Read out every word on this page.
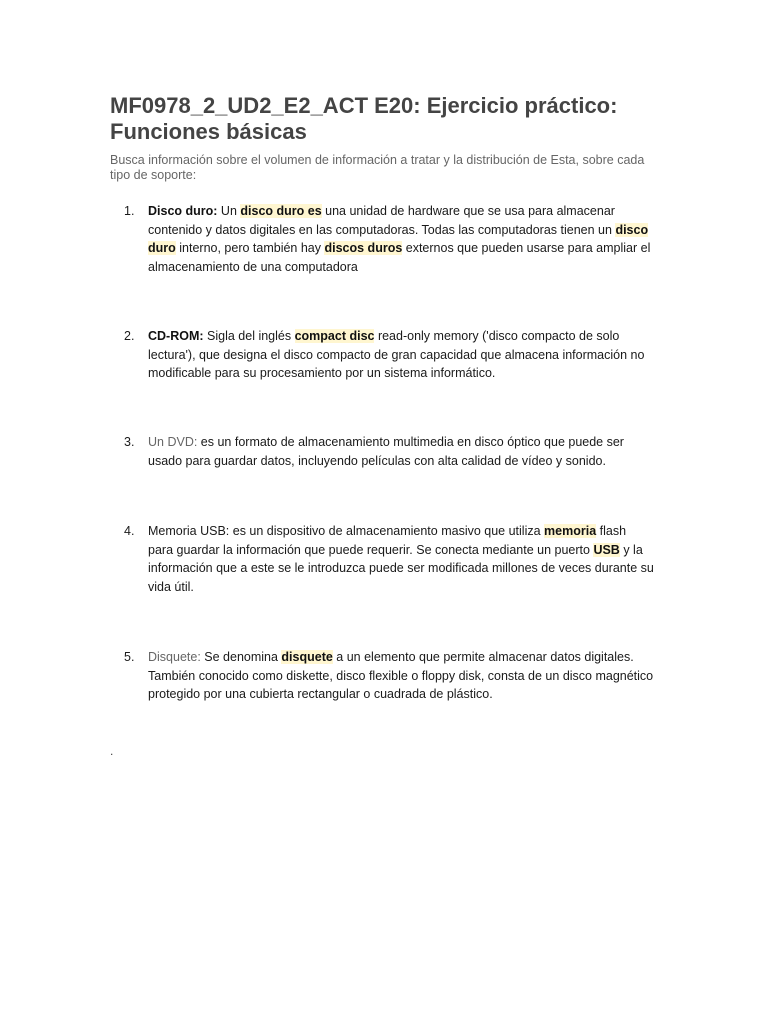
MF0978_2_UD2_E2_ACT E20: Ejercicio práctico: Funciones básicas

Busca información sobre el volumen de información a tratar y la distribución de Esta, sobre cada tipo de soporte:

1.	Disco duro: Un disco duro es una unidad de hardware que se usa para almacenar contenido y datos digitales en las computadoras. Todas las computadoras tienen un disco duro interno, pero también hay discos duros externos que pueden usarse para ampliar el almacenamiento de una computadora
2.	CD-ROM: Sigla del inglés compact disc read-only memory ('disco compacto de solo lectura'), que designa el disco compacto de gran capacidad que almacena información no modificable para su procesamiento por un sistema informático.
3.	Un DVD: es un formato de almacenamiento multimedia en disco óptico que puede ser usado para guardar datos, incluyendo películas con alta calidad de vídeo y sonido.
4.	Memoria USB: es un dispositivo de almacenamiento masivo que utiliza memoria flash para guardar la información que puede requerir. Se conecta mediante un puerto USB y la información que a este se le introduzca puede ser modificada millones de veces durante su vida útil.
5.	Disquete: Se denomina disquete a un elemento que permite almacenar datos digitales. También conocido como diskette, disco flexible o floppy disk, consta de un disco magnético protegido por una cubierta rectangular o cuadrada de plástico.
.
